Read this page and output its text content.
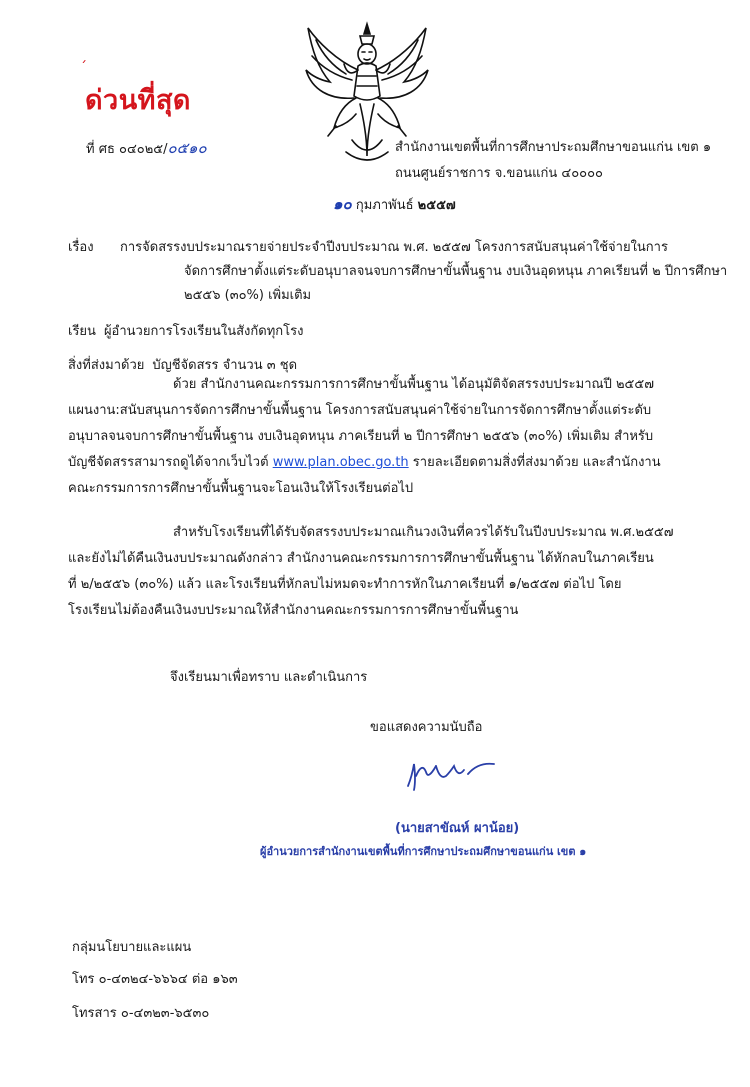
ˊ
ด่วนที่สุด
ที่ ศธ ๐๔๐๒๕/๐๕๑๐	สำนักงานเขตพื้นที่การศึกษาประถมศึกษาขอนแก่น เขต ๑
ถนนศูนย์ราชการ จ.ขอนแก่น ๔๐๐๐๐
๑๐ กุมภาพันธ์ ๒๕๕๗
เรื่อง การจัดสรรงบประมาณรายจ่ายประจำปีงบประมาณ พ.ศ. ๒๕๕๗ โครงการสนับสนุนค่าใช้จ่ายในการ
จัดการศึกษาตั้งแต่ระดับอนุบาลจนจบการศึกษาขั้นพื้นฐาน งบเงินอุดหนุน ภาคเรียนที่ ๒ ปีการศึกษา
๒๕๕๖ (๓๐%) เพิ่มเติม
เรียน ผู้อำนวยการโรงเรียนในสังกัดทุกโรง
สิ่งที่ส่งมาด้วย บัญชีจัดสรร จำนวน ๓ ชุด
ด้วย สำนักงานคณะกรรมการการศึกษาขั้นพื้นฐาน ได้อนุมัติจัดสรรงบประมาณปี ๒๕๕๗
แผนงาน:สนับสนุนการจัดการศึกษาขั้นพื้นฐาน โครงการสนับสนุนค่าใช้จ่ายในการจัดการศึกษาตั้งแต่ระดับ
อนุบาลจนจบการศึกษาขั้นพื้นฐาน งบเงินอุดหนุน ภาคเรียนที่ ๒ ปีการศึกษา ๒๕๕๖ (๓๐%) เพิ่มเติม สำหรับ
บัญชีจัดสรรสามารถดูได้จากเว็บไวต์ www.plan.obec.go.th รายละเอียดตามสิ่งที่ส่งมาด้วย และสำนักงาน
คณะกรรมการการศึกษาขั้นพื้นฐานจะโอนเงินให้โรงเรียนต่อไป
สำหรับโรงเรียนที่ได้รับจัดสรรงบประมาณเกินวงเงินที่ควรได้รับในปีงบประมาณ พ.ศ.๒๕๕๗
และยังไม่ได้คืนเงินงบประมาณดังกล่าว สำนักงานคณะกรรมการการศึกษาขั้นพื้นฐาน ได้หักลบในภาคเรียน
ที่ ๒/๒๕๕๖ (๓๐%) แล้ว และโรงเรียนที่หักลบไม่หมดจะทำการหักในภาคเรียนที่ ๑/๒๕๕๗ ต่อไป โดย
โรงเรียนไม่ต้องคืนเงินงบประมาณให้สำนักงานคณะกรรมการการศึกษาขั้นพื้นฐาน
จึงเรียนมาเพื่อทราบ และดำเนินการ
ขอแสดงความนับถือ
(นายสาขัณห์ ผาน้อย)
ผู้อำนวยการสำนักงานเขตพื้นที่การศึกษาประถมศึกษาขอนแก่น เขต ๑
กลุ่มนโยบายและแผน
โทร ๐-๔๓๒๔-๖๖๖๔ ต่อ ๑๖๓
โทรสาร ๐-๔๓๒๓-๖๕๓๐
